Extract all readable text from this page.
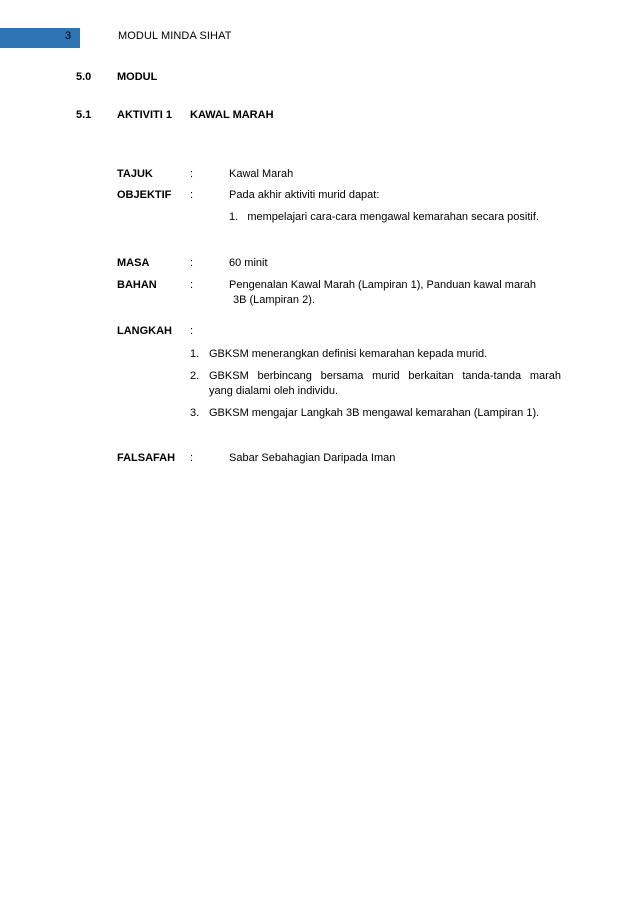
3	MODUL MINDA SIHAT
5.0 MODUL
5.1 AKTIVITI 1 KAWAL MARAH
TAJUK	:	Kawal Marah
OBJEKTIF :	Pada akhir aktiviti murid dapat:
1.   mempelajari cara-cara mengawal kemarahan secara positif.
MASA	:	60 minit
BAHAN	:	Pengenalan Kawal Marah (Lampiran 1), Panduan kawal marah
3B (Lampiran 2).
LANGKAH :
1. GBKSM menerangkan definisi kemarahan kepada murid.
2. GBKSM berbincang bersama murid berkaitan tanda-tanda marah
yang dialami oleh individu.
3. GBKSM mengajar Langkah 3B mengawal kemarahan (Lampiran 1).
FALSAFAH :	Sabar Sebahagian Daripada Iman
